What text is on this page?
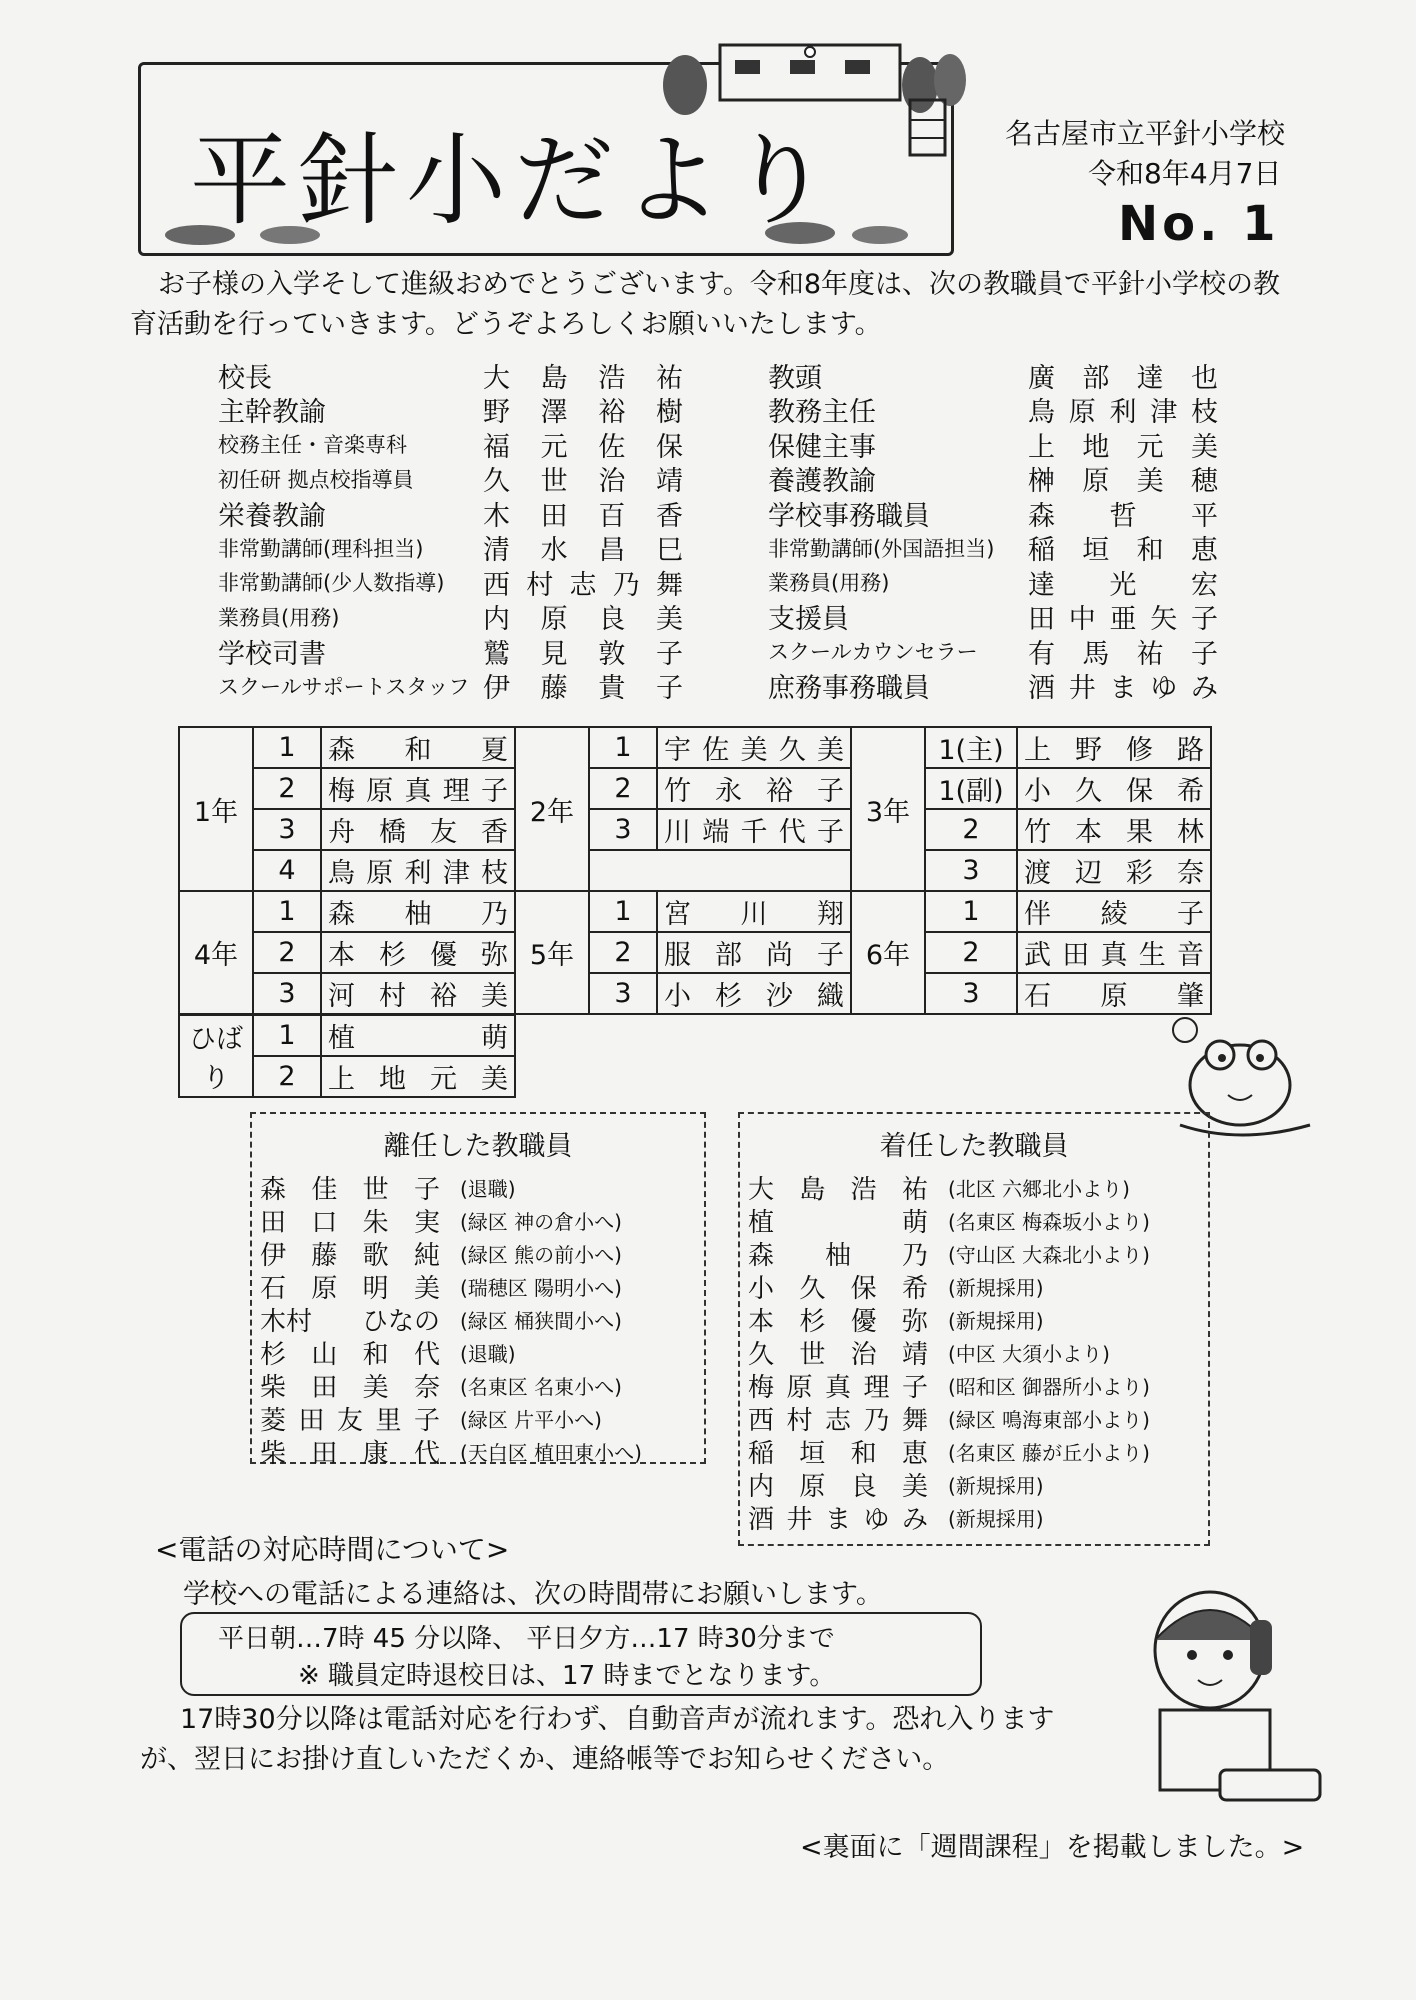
平針小だより	名古屋市立平針小学校
令和8年4月7日
No. 1
お子様の入学そして進級おめでとうございます。令和8年度は、次の教職員で平針小学校の教育活動を行っていきます。どうぞよろしくお願いいたします。
校長	大 島 浩 祐	教頭	廣 部 達 也
主幹教諭	野 澤 裕 樹	教務主任	鳥 原 利 津 枝
校務主任・音楽専科	福 元 佐 保	保健主事	上 地 元 美
初任研 拠点校指導員	久 世 治 靖	養護教諭	榊 原 美 穂
栄養教諭	木 田 百 香	学校事務職員	森 哲 平
非常勤講師(理科担当)	清 水 昌 巳	非常勤講師(外国語担当)	稲 垣 和 恵
非常勤講師(少人数指導)	西 村 志 乃 舞	業務員(用務)	達 光 宏
業務員(用務)	内 原 良 美	支援員	田 中 亜 矢 子
学校司書	鷲 見 敦 子	スクールカウンセラー	有 馬 祐 子
スクールサポートスタッフ 伊 藤 貴 子	庶務事務職員	酒 井 ま ゆ み
1年	1	森 和 夏	2年	1	宇 佐 美 久 美	3年	1(主)	上 野 修 路

	2	梅 原 真 理 子		2	竹 永 裕 子		1(副)	小 久 保 希

	3	舟 橋 友 香		3	川 端 千 代 子		2	竹 本 果 林

	4	鳥 原 利 津 枝					3	渡 辺 彩 奈
4年	1	森 柚 乃	5年	1	宮 川 翔	6年	1	伴 綾 子

	2	本 杉 優 弥		2	服 部 尚 子		2	武 田 真 生 音

	3	河 村 裕 美		3	小 杉 沙 織		3	石 原 肇
ひばり	1	植 萌

	2	上 地 元 美
離任した教職員
森 佳 世 子 (退職)
田 口 朱 実 (緑区 神の倉小へ)
伊 藤 歌 純 (緑区 熊の前小へ)
石 原 明 美 (瑞穂区 陽明小へ)
木村 ひなの (緑区 桶狭間小へ)
杉 山 和 代 (退職)
柴 田 美 奈 (名東区 名東小へ)
菱 田 友 里 子 (緑区 片平小へ)
柴 田 康 代 (天白区 植田東小へ)
着任した教職員
大 島 浩 祐 (北区 六郷北小より)
植	萌 (名東区 梅森坂小より)
森 柚 乃 (守山区 大森北小より)
小 久 保 希 (新規採用)
本 杉 優 弥 (新規採用)
久 世 治 靖 (中区 大須小より)
梅 原 真 理 子 (昭和区 御器所小より)
西 村 志 乃 舞 (緑区 鳴海東部小より)
稲 垣 和 恵 (名東区 藤が丘小より)
内 原 良 美 (新規採用)
酒 井 ま ゆ み (新規採用)
<電話の対応時間について>
学校への電話による連絡は、次の時間帯にお願いします。
平日朝…7時 45 分以降、 平日夕方…17 時30分まで
※ 職員定時退校日は、17 時までとなります。
17時30分以降は電話対応を行わず、自動音声が流れます。恐れ入りますが、翌日にお掛け直しいただくか、連絡帳等でお知らせください。
<裏面に「週間課程」を掲載しました。>
